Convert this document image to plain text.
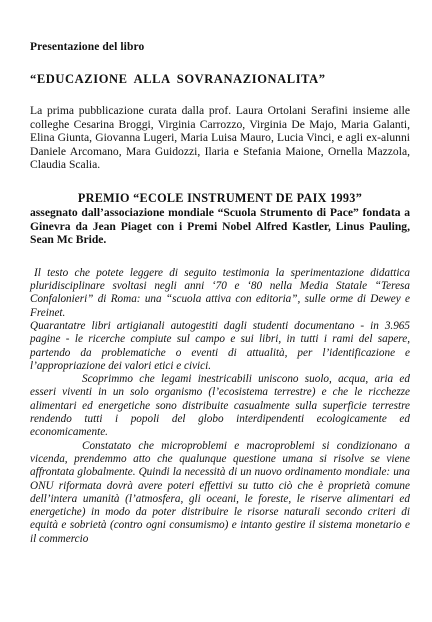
Presentazione del libro
“EDUCAZIONE ALLA SOVRANAZIONALITA”
La prima pubblicazione curata dalla prof. Laura Ortolani Serafini insieme alle colleghe Cesarina Broggi, Virginia Carrozzo, Virginia De Majo, Maria Galanti, Elina Giunta, Giovanna Lugeri, Maria Luisa Mauro, Lucia Vinci, e agli ex-alunni Daniele Arcomano, Mara Guidozzi, Ilaria e Stefania Maione, Ornella Mazzola, Claudia Scalia.
PREMIO “ECOLE INSTRUMENT DE PAIX 1993”
assegnato dall’associazione mondiale “Scuola Strumento di Pace” fondata a Ginevra da Jean Piaget con i Premi Nobel Alfred Kastler, Linus Pauling, Sean Mc Bride.

Il testo che potete leggere di seguito testimonia la sperimentazione didattica pluridisciplinare svoltasi negli anni ‘70 e ‘80 nella Media Statale “Teresa Confalonieri” di Roma: una “scuola attiva con editoria”, sulle orme di Dewey e Freinet.

Quarantatre libri artigianali autogestiti dagli studenti documentano - in 3.965 pagine - le ricerche compiute sul campo e sui libri, in tutti i rami del sapere, partendo da problematiche o eventi di attualità, per l’identificazione e l’appropriazione dei valori etici e civici.

Scoprimmo che legami inestricabili uniscono suolo, acqua, aria ed esseri viventi in un solo organismo (l’ecosistema terrestre) e che le ricchezze alimentari ed energetiche sono distribuite casualmente sulla superficie terrestre rendendo tutti i popoli del globo interdipendenti ecologicamente ed economicamente.

Constatato che microproblemi e macroproblemi si condizionano a vicenda, prendemmo atto che qualunque questione umana si risolve se viene affrontata globalmente. Quindi la necessità di un nuovo ordinamento mondiale: una ONU riformata dovrà avere poteri effettivi su tutto ciò che è proprietà comune dell’intera umanità (l’atmosfera, gli oceani, le foreste, le riserve alimentari ed energetiche) in modo da poter distribuire le risorse naturali secondo criteri di equità e sobrietà (contro ogni consumismo) e intanto gestire il sistema monetario e il commercio
